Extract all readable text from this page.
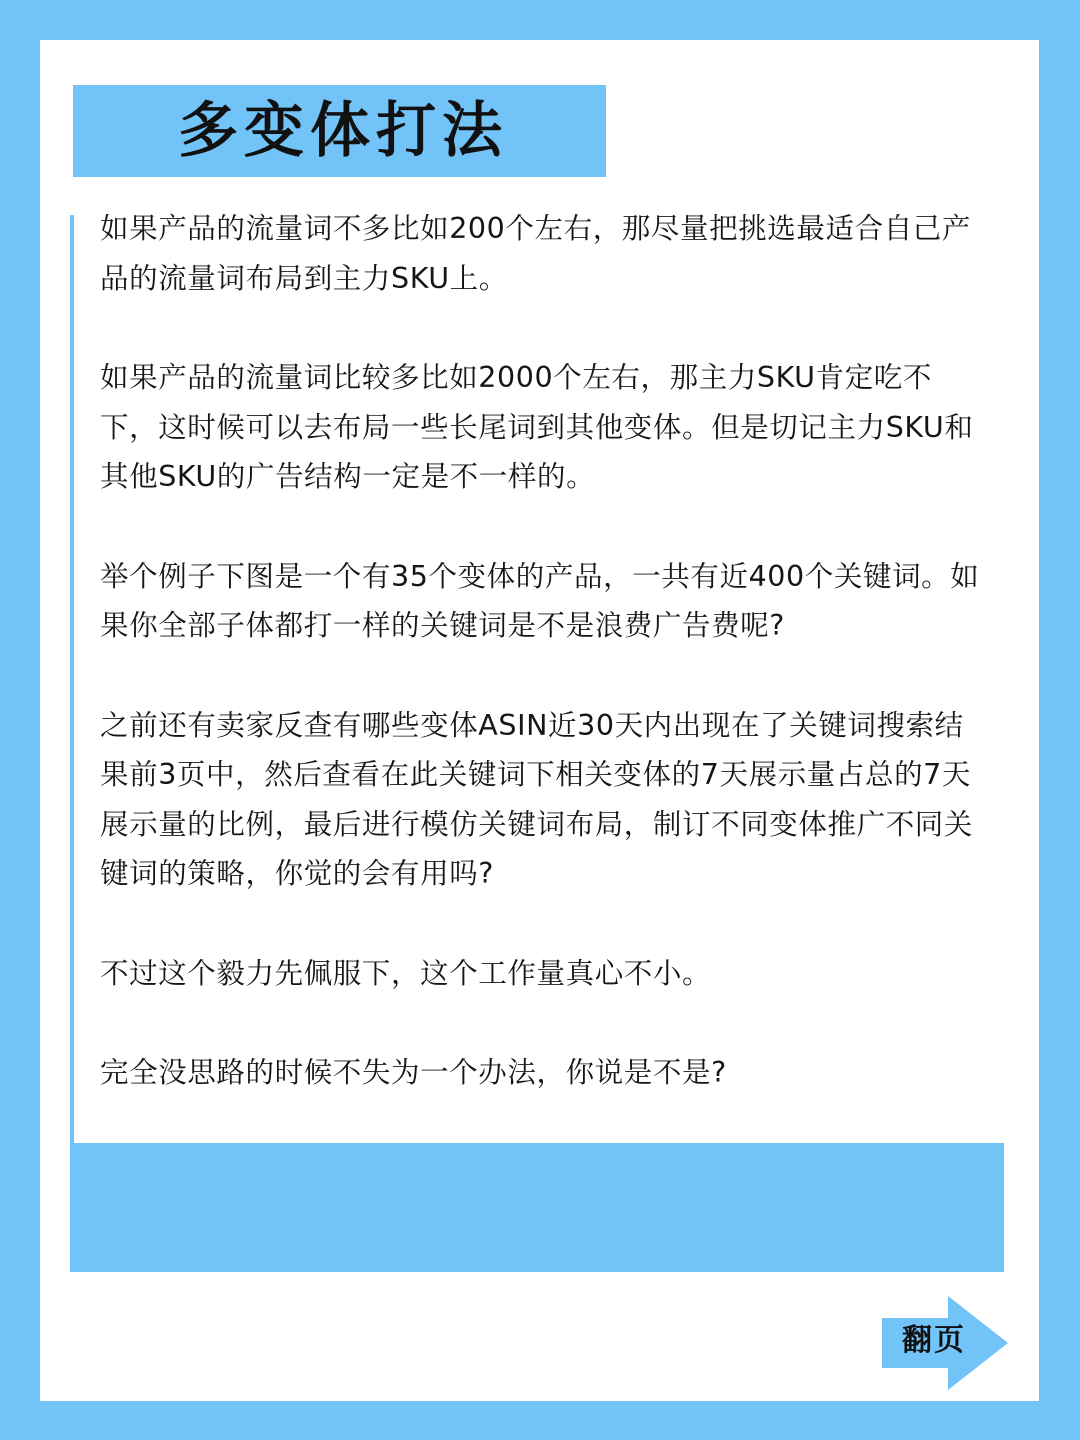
多变体打法

如果产品的流量词不多比如200个左右，那尽量把挑选最适合自己产品的流量词布局到主力SKU上。

如果产品的流量词比较多比如2000个左右，那主力SKU肯定吃不下，这时候可以去布局一些长尾词到其他变体。但是切记主力SKU和其他SKU的广告结构一定是不一样的。

举个例子下图是一个有35个变体的产品，一共有近400个关键词。如果你全部子体都打一样的关键词是不是浪费广告费呢?

之前还有卖家反查有哪些变体ASIN近30天内出现在了关键词搜索结果前3页中，然后查看在此关键词下相关变体的7天展示量占总的7天展示量的比例，最后进行模仿关键词布局，制订不同变体推广不同关键词的策略，你觉的会有用吗?

不过这个毅力先佩服下，这个工作量真心不小。

完全没思路的时候不失为一个办法，你说是不是?

翻页
